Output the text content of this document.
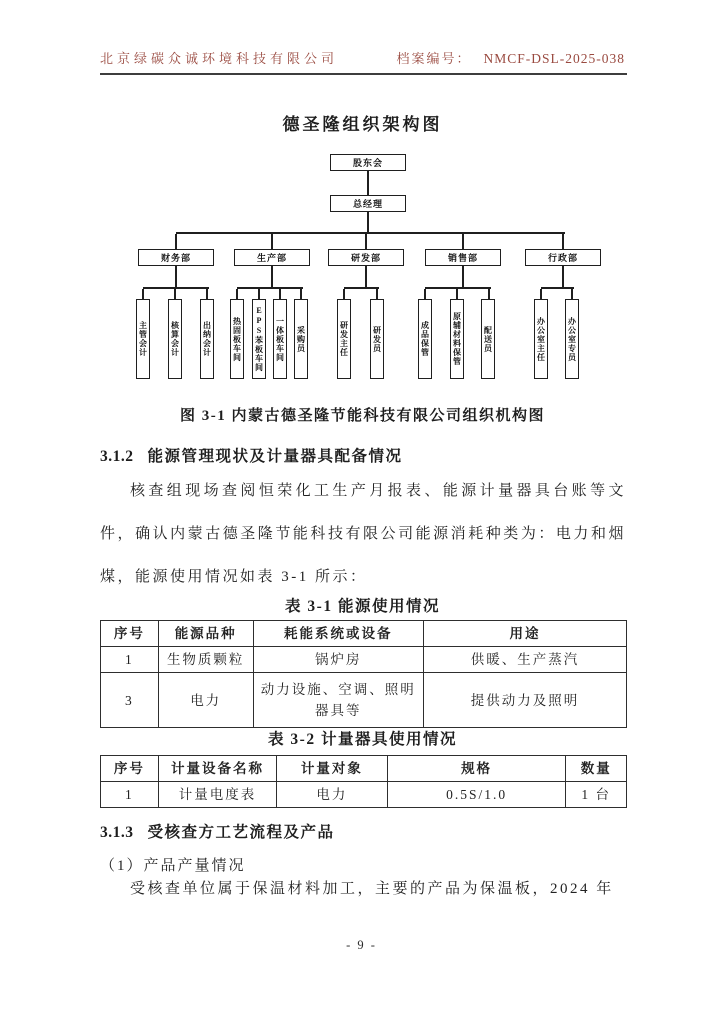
北京绿碳众诚环境科技有限公司	档案编号： NMCF-DSL-2025-038
德圣隆组织架构图
股东会
总经理
财务部	生产部	研发部	销售部	行政部
主管会计	核算会计	出纳会计	热固板车间	EPS苯板车间	一体板车间	采购员	研发主任	研发员	成品保管	原辅材料保管	配送员	办公室主任	办公室专员
图 3-1 内蒙古德圣隆节能科技有限公司组织机构图
3.1.2 能源管理现状及计量器具配备情况

核查组现场查阅恒荣化工生产月报表、能源计量器具台账等文件，确认内蒙古德圣隆节能科技有限公司能源消耗种类为：电力和烟煤，能源使用情况如表 3-1 所示：

表 3-1 能源使用情况
序号	能源品种	耗能系统或设备	用途
1	生物质颗粒	锅炉房	供暖、生产蒸汽
3	电力	动力设施、空调、照明器具等	提供动力及照明
表 3-2 计量器具使用情况
序号	计量设备名称	计量对象	规格	数量
1	计量电度表	电力	0.5S/1.0	1 台
3.1.3 受核查方工艺流程及产品
（1）产品产量情况

受核查单位属于保温材料加工，主要的产品为保温板，2024 年

- 9 -
